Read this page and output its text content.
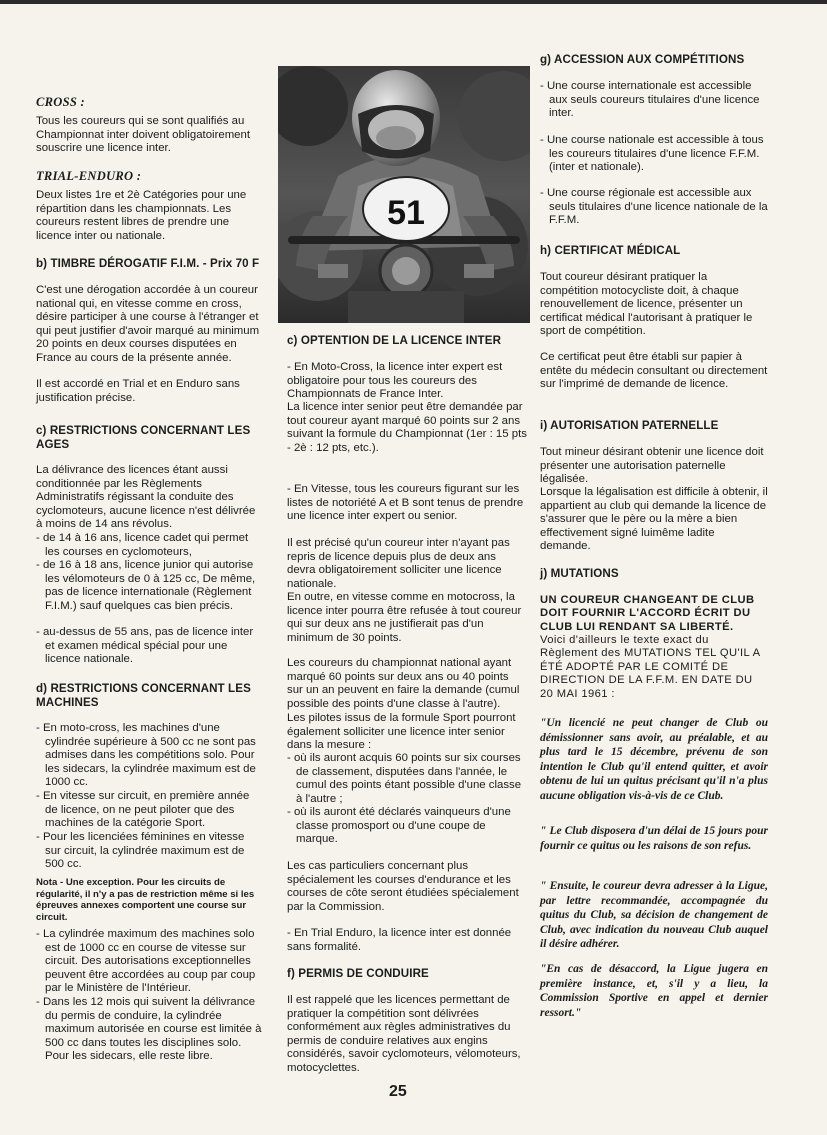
CROSS :

Tous les coureurs qui se sont qualifiés au Championnat inter doivent obligatoirement souscrire une licence inter.

TRIAL-ENDURO :

Deux listes 1re et 2è Catégories pour une répartition dans les championnats. Les coureurs restent libres de prendre une licence inter ou nationale.

b) TIMBRE DÉROGATIF F.I.M. - Prix 70 F

C'est une dérogation accordée à un coureur national qui, en vitesse comme en cross, désire participer à une course à l'étranger et qui peut justifier d'avoir marqué au minimum 20 points en deux courses disputées en France au cours de la présente année.

Il est accordé en Trial et en Enduro sans justification précise.

c) RESTRICTIONS CONCERNANT LES AGES

La délivrance des licences étant aussi conditionnée par les Règlements Administratifs régissant la conduite des cyclomoteurs, aucune licence n'est délivrée à moins de 14 ans révolus.

- de 14 à 16 ans, licence cadet qui permet les courses en cyclomoteurs,

- de 16 à 18 ans, licence junior qui autorise les vélomoteurs de 0 à 125 cc, De même, pas de licence internationale (Règlement F.I.M.) sauf quelques cas bien précis.

- au-dessus de 55 ans, pas de licence inter et examen médical spécial pour une licence nationale.

d) RESTRICTIONS CONCERNANT LES MACHINES

- En moto-cross, les machines d'une cylindrée supérieure à 500 cc ne sont pas admises dans les compétitions solo. Pour les sidecars, la cylindrée maximum est de 1000 cc.

- En vitesse sur circuit, en première année de licence, on ne peut piloter que des machines de la catégorie Sport.

- Pour les licenciées féminines en vitesse sur circuit, la cylindrée maximum est de 500 cc.

Nota - Une exception. Pour les circuits de régularité, il n'y a pas de restriction même si les épreuves annexes comportent une course sur circuit.

- La cylindrée maximum des machines solo est de 1000 cc en course de vitesse sur circuit. Des autorisations exceptionnelles peuvent être accordées au coup par coup par le Ministère de l'Intérieur.

- Dans les 12 mois qui suivent la délivrance du permis de conduire, la cylindrée maximum autorisée en course est limitée à 500 cc dans toutes les disciplines solo. Pour les sidecars, elle reste libre.

51

c) OPTENTION DE LA LICENCE INTER

- En Moto-Cross, la licence inter expert est obligatoire pour tous les coureurs des Championnats de France Inter.

La licence inter senior peut être demandée par tout coureur ayant marqué 60 points sur 2 ans suivant la formule du Championnat (1er : 15 pts - 2è : 12 pts, etc.).

- En Vitesse, tous les coureurs figurant sur les listes de notoriété A et B sont tenus de prendre une licence inter expert ou senior.

Il est précisé qu'un coureur inter n'ayant pas repris de licence depuis plus de deux ans devra obligatoirement solliciter une licence nationale.

En outre, en vitesse comme en motocross, la licence inter pourra être refusée à tout coureur qui sur deux ans ne justifierait pas d'un minimum de 30 points.

Les coureurs du championnat national ayant marqué 60 points sur deux ans ou 40 points sur un an peuvent en faire la demande (cumul possible des points d'une classe à l'autre).

Les pilotes issus de la formule Sport pourront également solliciter une licence inter senior dans la mesure :

- où ils auront acquis 60 points sur six courses de classement, disputées dans l'année, le cumul des points étant possible d'une classe à l'autre ;

- où ils auront été déclarés vainqueurs d'une classe promosport ou d'une coupe de marque.

Les cas particuliers concernant plus spécialement les courses d'endurance et les courses de côte seront étudiées spécialement par la Commission.

- En Trial Enduro, la licence inter est donnée sans formalité.

f) PERMIS DE CONDUIRE

Il est rappelé que les licences permettant de pratiquer la compétition sont délivrées conformément aux règles administratives du permis de conduire relatives aux engins considérés, savoir cyclomoteurs, vélomoteurs, motocyclettes.

g) ACCESSION AUX COMPÉTITIONS

- Une course internationale est accessible aux seuls coureurs titulaires d'une licence inter.

- Une course nationale est accessible à tous les coureurs titulaires d'une licence F.F.M. (inter et nationale).

- Une course régionale est accessible aux seuls titulaires d'une licence nationale de la F.F.M.

h) CERTIFICAT MÉDICAL

Tout coureur désirant pratiquer la compétition motocycliste doit, à chaque renouvellement de licence, présenter un certificat médical l'autorisant à pratiquer le sport de compétition.

Ce certificat peut être établi sur papier à entête du médecin consultant ou directement sur l'imprimé de demande de licence.

i) AUTORISATION PATERNELLE

Tout mineur désirant obtenir une licence doit présenter une autorisation paternelle légalisée.

Lorsque la légalisation est difficile à obtenir, il appartient au club qui demande la licence de s'assurer que le père ou la mère a bien effectivement signé luimême ladite demande.

j) MUTATIONS

UN COUREUR CHANGEANT DE CLUB DOIT FOURNIR L'ACCORD ÉCRIT DU CLUB LUI RENDANT SA LIBERTÉ.

Voici d'ailleurs le texte exact du Règlement des MUTATIONS TEL QU'IL A ÉTÉ ADOPTÉ PAR LE COMITÉ DE DIRECTION DE LA F.F.M. EN DATE DU 20 MAI 1961 :

"Un licencié ne peut changer de Club ou démissionner sans avoir, au préalable, et au plus tard le 15 décembre, prévenu de son intention le Club qu'il entend quitter, et avoir obtenu de lui un quitus précisant qu'il n'a plus aucune obligation vis-à-vis de ce Club.

" Le Club disposera d'un délai de 15 jours pour fournir ce quitus ou les raisons de son refus.

" Ensuite, le coureur devra adresser à la Ligue, par lettre recommandée, accompagnée du quitus du Club, sa décision de changement de Club, avec indication du nouveau Club auquel il désire adhérer.

"En cas de désaccord, la Ligue jugera en première instance, et, s'il y a lieu, la Commission Sportive en appel et dernier ressort."

25
